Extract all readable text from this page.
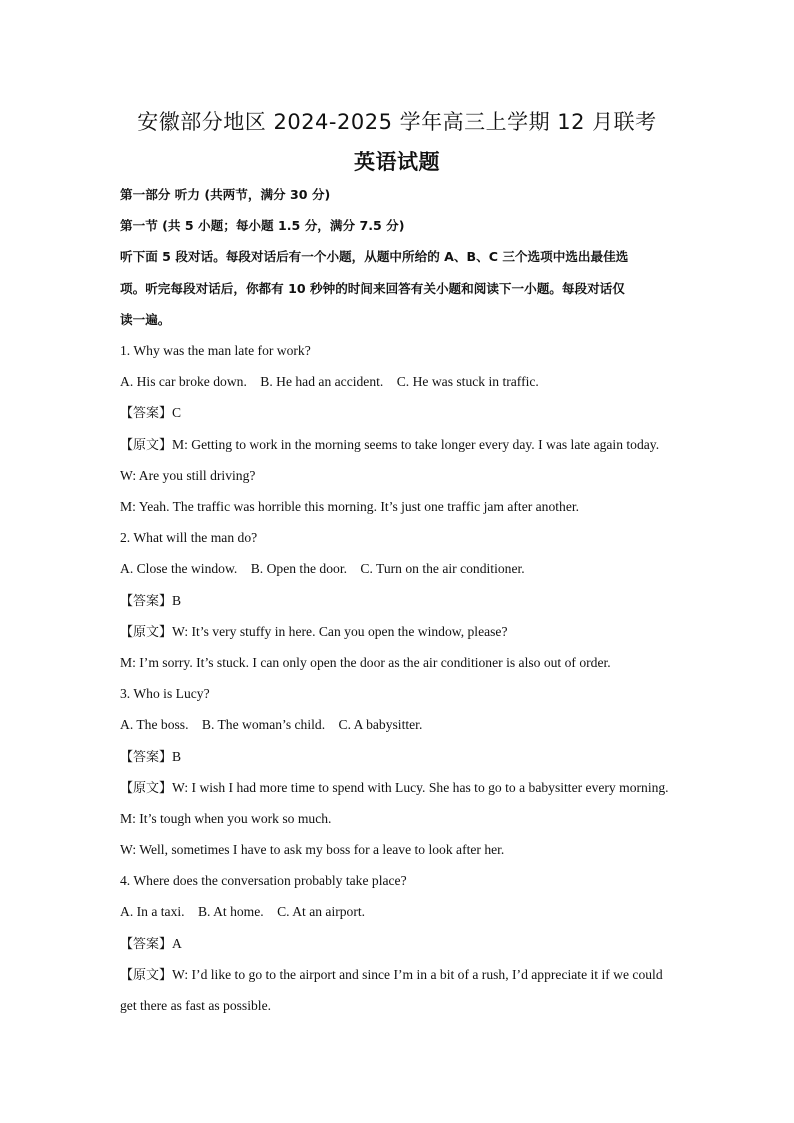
安徽部分地区 2024-2025 学年高三上学期 12 月联考
英语试题
第一部分 听力 (共两节，满分 30 分)
第一节 (共 5 小题；每小题 1.5 分，满分 7.5 分)
听下面 5 段对话。每段对话后有一个小题，从题中所给的 A、B、C 三个选项中选出最佳选
项。听完每段对话后，你都有 10 秒钟的时间来回答有关小题和阅读下一小题。每段对话仅
读一遍。
1. Why was the man late for work?
A. His car broke down. B. He had an accident. C. He was stuck in traffic.
【答案】C
【原文】M: Getting to work in the morning seems to take longer every day. I was late again today.
W: Are you still driving?
M: Yeah. The traffic was horrible this morning. It’s just one traffic jam after another.
2. What will the man do?
A. Close the window. B. Open the door. C. Turn on the air conditioner.
【答案】B
【原文】W: It’s very stuffy in here. Can you open the window, please?
M: I’m sorry. It’s stuck. I can only open the door as the air conditioner is also out of order.
3. Who is Lucy?
A. The boss. B. The woman’s child. C. A babysitter.
【答案】B
【原文】W: I wish I had more time to spend with Lucy. She has to go to a babysitter every morning.
M: It’s tough when you work so much.
W: Well, sometimes I have to ask my boss for a leave to look after her.
4. Where does the conversation probably take place?
A. In a taxi. B. At home. C. At an airport.
【答案】A
【原文】W: I’d like to go to the airport and since I’m in a bit of a rush, I’d appreciate it if we could
get there as fast as possible.
